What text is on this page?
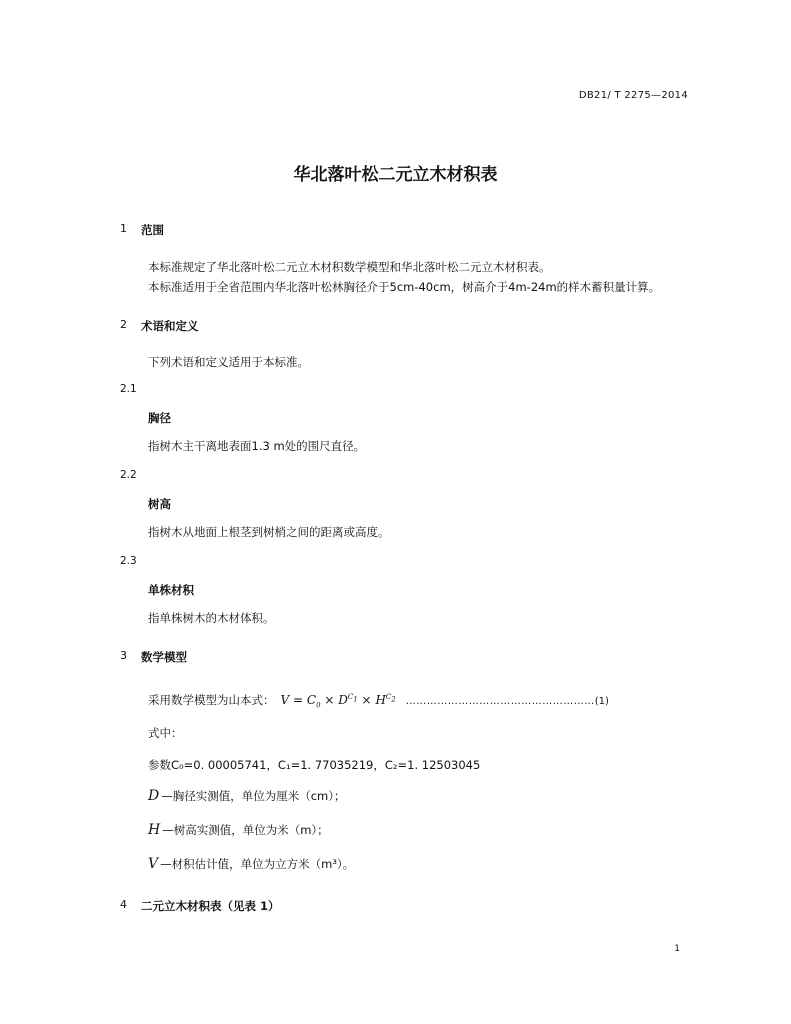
DB21/ T 2275—2014
华北落叶松二元立木材积表
1 范围
本标准规定了华北落叶松二元立木材积数学模型和华北落叶松二元立木材积表。
本标准适用于全省范围内华北落叶松林胸径介于5cm-40cm，树高介于4m-24m的样木蓄积量计算。
2 术语和定义
下列术语和定义适用于本标准。
2.1
胸径
指树木主干离地表面1.3 m处的围尺直径。
2.2
树高
指树木从地面上根茎到树梢之间的距离或高度。
2.3
单株材积
指单株树木的木材体积。
3 数学模型
采用数学模型为山本式： $V = C_0 \times D^{C_1} \times H^{C_2}$ ……………………………………………… (1)
式中：
参数C₀=0. 00005741，C₁=1. 77035219，C₂=1. 12503045
D —胸径实测值，单位为厘米（cm）；
H —树高实测值，单位为米（m）；
V —材积估计值，单位为立方米（m³）。
4 二元立木材积表（见表 1）
1
